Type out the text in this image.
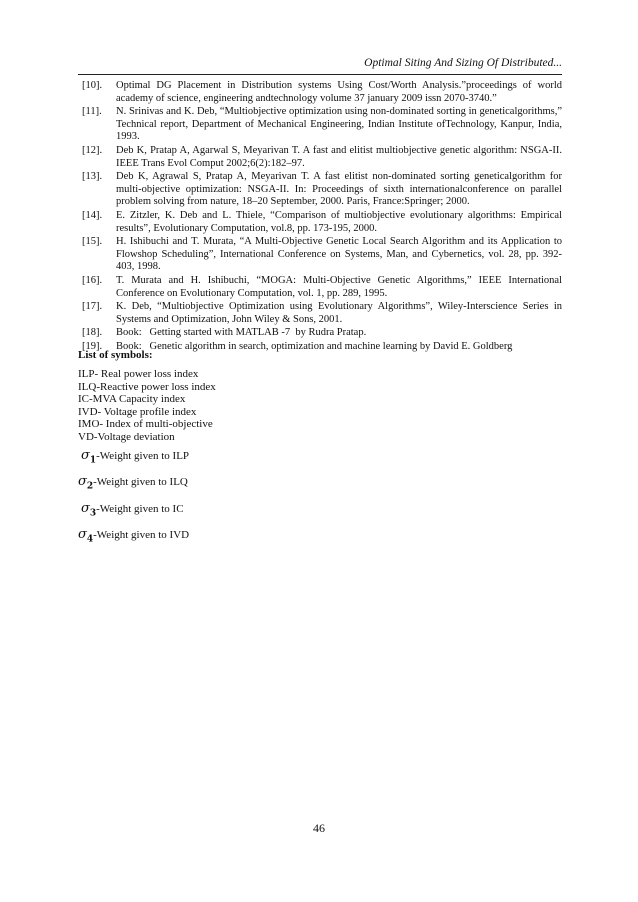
Optimal Siting And Sizing Of Distributed...
[10].	Optimal DG Placement in Distribution systems Using Cost/Worth Analysis.”proceedings of world academy of science, engineering andtechnology volume 37 january 2009 issn 2070-3740.”
[11].	N. Srinivas and K. Deb, “Multiobjective optimization using non-dominated sorting in geneticalgorithms,” Technical report, Department of Mechanical Engineering, Indian Institute ofTechnology, Kanpur, India, 1993.
[12].	Deb K, Pratap A, Agarwal S, Meyarivan T. A fast and elitist multiobjective genetic algorithm: NSGA-II. IEEE Trans Evol Comput 2002;6(2):182–97.
[13].	Deb K, Agrawal S, Pratap A, Meyarivan T. A fast elitist non-dominated sorting geneticalgorithm for multi-objective optimization: NSGA-II. In: Proceedings of sixth internationalconference on parallel problem solving from nature, 18–20 September, 2000. Paris, France:Springer; 2000.
[14].	E. Zitzler, K. Deb and L. Thiele, “Comparison of multiobjective evolutionary algorithms: Empirical results”, Evolutionary Computation, vol.8, pp. 173-195, 2000.
[15].	H. Ishibuchi and T. Murata, “A Multi-Objective Genetic Local Search Algorithm and its Application to Flowshop Scheduling”, International Conference on Systems, Man, and Cybernetics, vol. 28, pp. 392-403, 1998.
[16].	T. Murata and H. Ishibuchi, “MOGA: Multi-Objective Genetic Algorithms,” IEEE International Conference on Evolutionary Computation, vol. 1, pp. 289, 1995.
[17].	K. Deb, “Multiobjective Optimization using Evolutionary Algorithms”, Wiley-Interscience Series in Systems and Optimization, John Wiley & Sons, 2001.
[18].	Book:   Getting started with MATLAB -7  by Rudra Pratap.
[19].	Book:   Genetic algorithm in search, optimization and machine learning by David E. Goldberg
List of symbols:
ILP- Real power loss index
ILQ-Reactive power loss index
IC-MVA Capacity index
IVD- Voltage profile index
IMO- Index of multi-objective
VD-Voltage deviation
$\sigma_1$-Weight given to ILP
$\sigma_2$-Weight given to ILQ
$\sigma_3$-Weight given to IC
$\sigma_4$-Weight given to IVD
46
